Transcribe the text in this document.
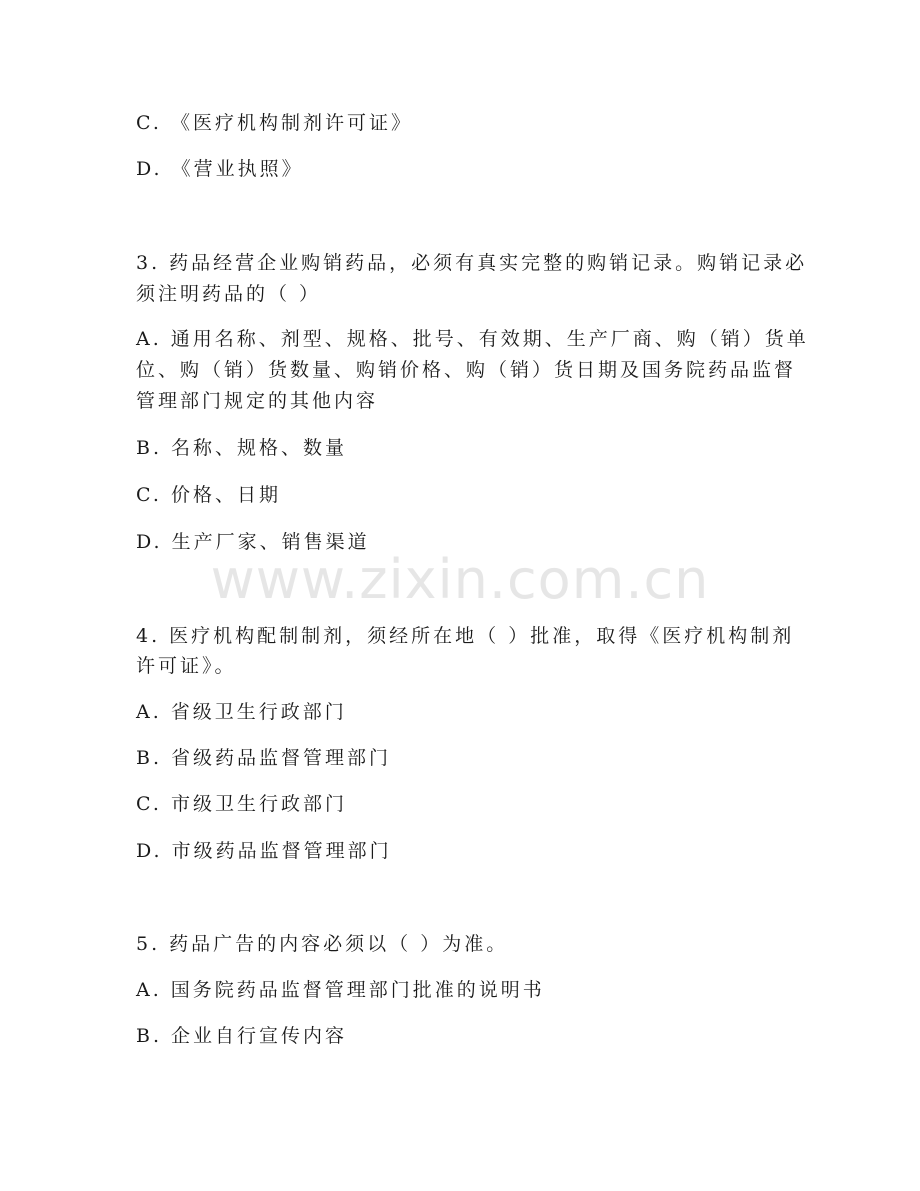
C. 《医疗机构制剂许可证》
D. 《营业执照》
3. 药品经营企业购销药品，必须有真实完整的购销记录。购销记录必
须注明药品的（ ）
A. 通用名称、剂型、规格、批号、有效期、生产厂商、购（销）货单
位、购（销）货数量、购销价格、购（销）货日期及国务院药品监督
管理部门规定的其他内容
B. 名称、规格、数量
C. 价格、日期
D. 生产厂家、销售渠道
www.zixin.com.cn
4. 医疗机构配制制剂，须经所在地（ ）批准，取得《医疗机构制剂
许可证》。
A. 省级卫生行政部门
B. 省级药品监督管理部门
C. 市级卫生行政部门
D. 市级药品监督管理部门
5. 药品广告的内容必须以（ ）为准。
A. 国务院药品监督管理部门批准的说明书
B. 企业自行宣传内容
